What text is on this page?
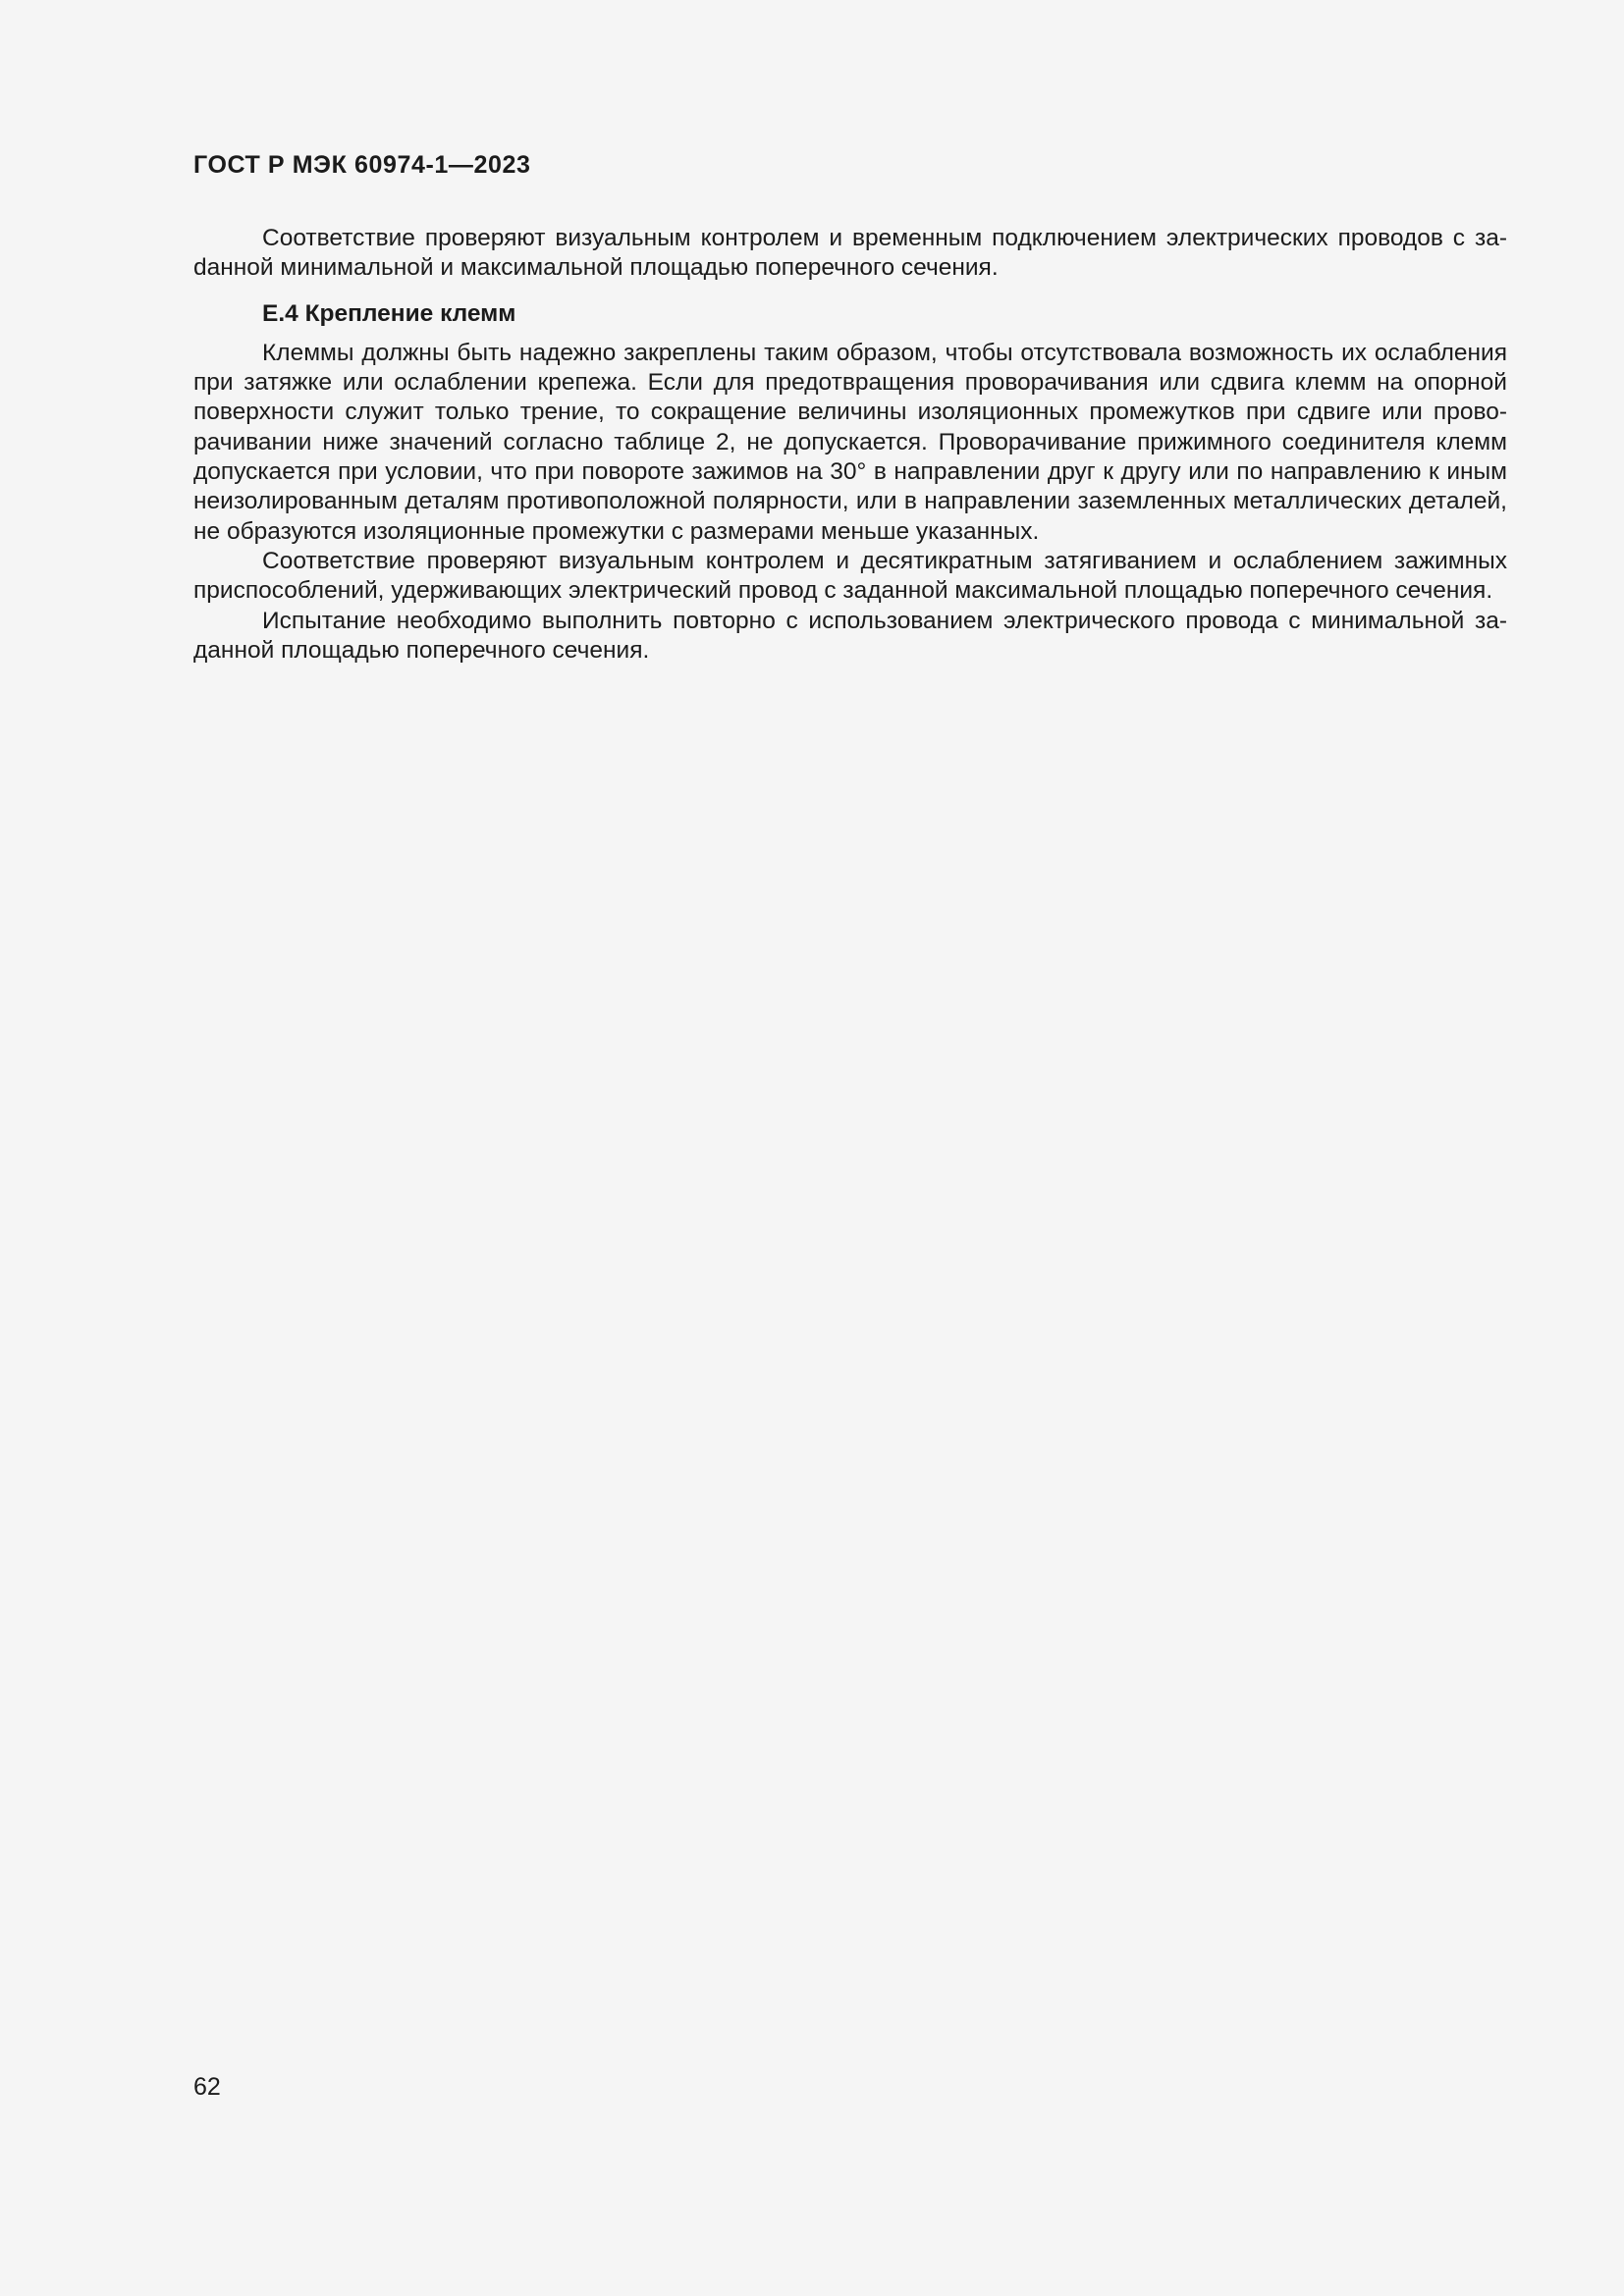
ГОСТ Р МЭК 60974-1—2023

Соответствие проверяют визуальным контролем и временным подключением электрических проводов с заdанной минимальной и максимальной площадью поперечного сечения.

E.4 Крепление клемм

Клеммы должны быть надежно закреплены таким образом, чтобы отсутствовала возможность их ослабления при затяжке или ослаблении крепежа. Если для предотвращения проворачивания или сдвига клемм на опорной поверхности служит только трение, то сокращение величины изоляционных промежутков при сдвиге или проворачивании ниже значений согласно таблице 2, не допускается. Проворачивание прижимного соединителя клемм допускается при условии, что при повороте зажимов на 30° в направлении друг к другу или по направлению к иным неизолированным деталям противоположной полярности, или в направлении заземленных металлических деталей, не образуются изоляционные промежутки с размерами меньше указанных.

Соответствие проверяют визуальным контролем и десятикратным затягиванием и ослаблением зажимных приспособлений, удерживающих электрический провод с заданной максимальной площадью поперечного сечения.

Испытание необходимо выполнить повторно с использованием электрического провода с минимальной заданной площадью поперечного сечения.

62
